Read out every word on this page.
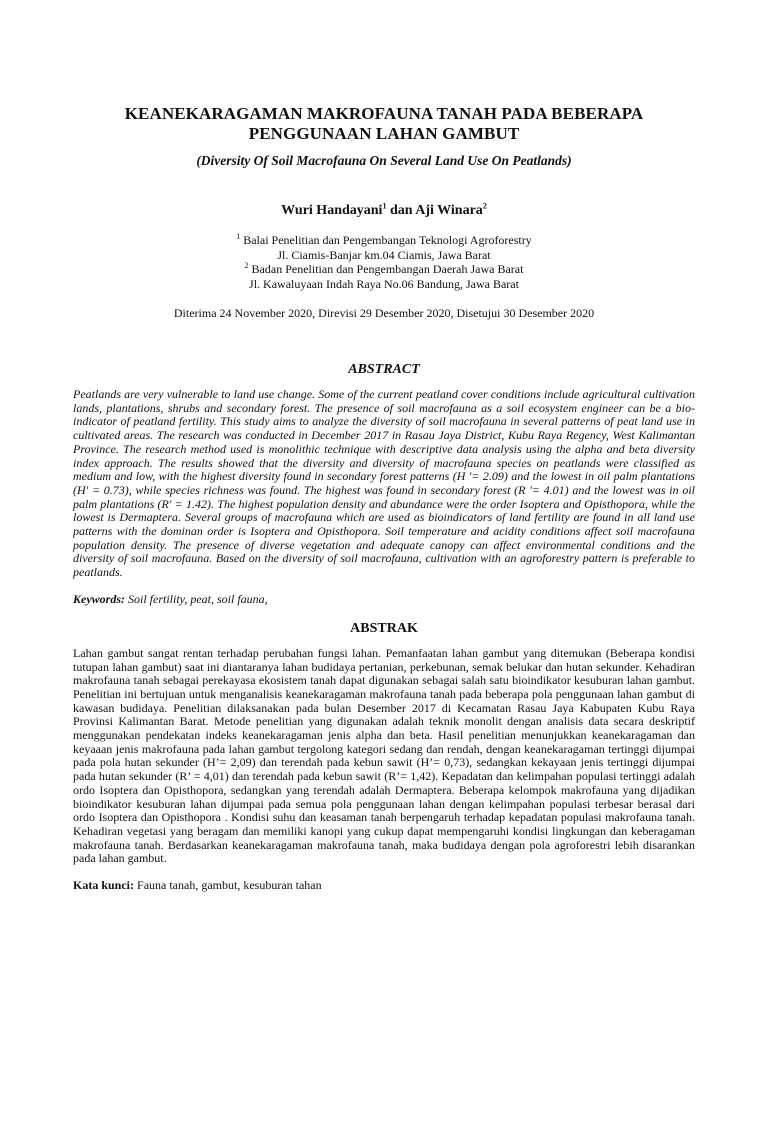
KEANEKARAGAMAN MAKROFAUNA TANAH PADA BEBERAPA
PENGGUNAAN LAHAN GAMBUT
(Diversity Of Soil Macrofauna On Several Land Use On Peatlands)
Wuri Handayani$^1$ dan Aji Winara$^2$

$^1$ Balai Penelitian dan Pengembangan Teknologi Agroforestry

Jl. Ciamis-Banjar km.04 Ciamis, Jawa Barat

$^2$ Badan Penelitian dan Pengembangan Daerah Jawa Barat

Jl. Kawaluyaan Indah Raya No.06 Bandung, Jawa Barat

Diterima 24 November 2020, Direvisi 29 Desember 2020, Disetujui 30 Desember 2020
ABSTRACT
Peatlands are very vulnerable to land use change. Some of the current peatland cover conditions include agricultural cultivation lands, plantations, shrubs and secondary forest. The presence of soil macrofauna as a soil ecosystem engineer can be a bio-indicator of peatland fertility. This study aims to analyze the diversity of soil macrofauna in several patterns of peat land use in cultivated areas. The research was conducted in December 2017 in Rasau Jaya District, Kubu Raya Regency, West Kalimantan Province. The research method used is monolithic technique with descriptive data analysis using the alpha and beta diversity index approach. The results showed that the diversity and diversity of macrofauna species on peatlands were classified as medium and low, with the highest diversity found in secondary forest patterns (H '= 2.09) and the lowest in oil palm plantations (H' = 0.73), while species richness was found. The highest was found in secondary forest (R '= 4.01) and the lowest was in oil palm plantations (R' = 1.42). The highest population density and abundance were the order Isoptera and Opisthopora, while the lowest is Dermaptera. Several groups of macrofauna which are used as bioindicators of land fertility are found in all land use patterns with the dominan order is Isoptera and Opisthopora. Soil temperature and acidity conditions affect soil macrofauna population density. The presence of diverse vegetation and adequate canopy can affect environmental conditions and the diversity of soil macrofauna. Based on the diversity of soil macrofauna, cultivation with an agroforestry pattern is preferable to peatlands.
Keywords: Soil fertility, peat, soil fauna,
ABSTRAK
Lahan gambut sangat rentan terhadap perubahan fungsi lahan. Pemanfaatan lahan gambut yang ditemukan (Beberapa kondisi tutupan lahan gambut) saat ini diantaranya lahan budidaya pertanian, perkebunan, semak belukar dan hutan sekunder. Kehadiran makrofauna tanah sebagai perekayasa ekosistem tanah dapat digunakan sebagai salah satu bioindikator kesuburan lahan gambut. Penelitian ini bertujuan untuk menganalisis keanekaragaman makrofauna tanah pada beberapa pola penggunaan lahan gambut di kawasan budidaya. Penelitian dilaksanakan pada bulan Desember 2017 di Kecamatan Rasau Jaya Kabupaten Kubu Raya Provinsi Kalimantan Barat. Metode penelitian yang digunakan adalah teknik monolit dengan analisis data secara deskriptif menggunakan pendekatan indeks keanekaragaman jenis alpha dan beta. Hasil penelitian menunjukkan keanekaragaman dan keyaaan jenis makrofauna pada lahan gambut tergolong kategori sedang dan rendah, dengan keanekaragaman tertinggi dijumpai pada pola hutan sekunder (H’= 2,09) dan terendah pada kebun sawit (H’= 0,73), sedangkan kekayaan jenis tertinggi dijumpai pada hutan sekunder (R’ = 4,01) dan terendah pada kebun sawit (R’= 1,42). Kepadatan dan kelimpahan populasi tertinggi adalah ordo Isoptera dan Opisthopora, sedangkan yang terendah adalah Dermaptera. Beberapa kelompok makrofauna yang dijadikan bioindikator kesuburan lahan dijumpai pada semua pola penggunaan lahan dengan kelimpahan populasi terbesar berasal dari ordo Isoptera dan Opisthopora . Kondisi suhu dan keasaman tanah berpengaruh terhadap kepadatan populasi makrofauna tanah. Kehadiran vegetasi yang beragam dan memiliki kanopi yang cukup dapat mempengaruhi kondisi lingkungan dan keberagaman makrofauna tanah. Berdasarkan keanekaragaman makrofauna tanah, maka budidaya dengan pola agroforestri lebih disarankan pada lahan gambut.
Kata kunci: Fauna tanah, gambut, kesuburan tahan
